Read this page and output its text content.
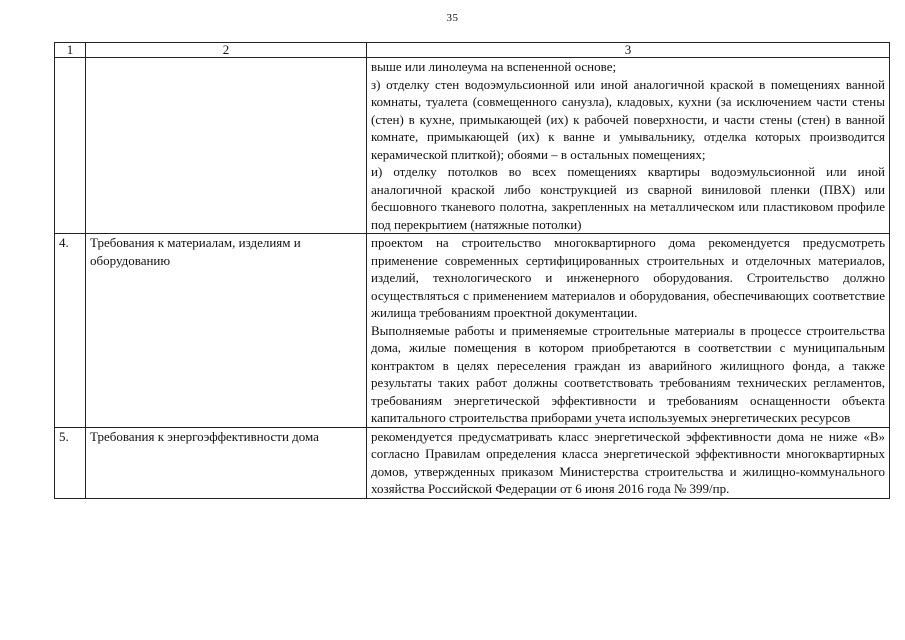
35
1	2	3

		выше или линолеума на вспененной основе;

з) отделку стен водоэмульсионной или иной аналогичной краской в помещениях ванной комнаты, туалета (совмещенного санузла), кладовых, кухни (за исключением части стены (стен) в кухне, примыкающей (их) к рабочей поверхности, и части стены (стен) в ванной комнате, примыкающей (их) к ванне и умывальнику, отделка которых производится керамической плиткой); обоями – в остальных помещениях;

и) отделку потолков во всех помещениях квартиры водоэмульсионной или иной аналогичной краской либо конструкцией из сварной виниловой пленки (ПВХ) или бесшовного тканевого полотна, закрепленных на металлическом или пластиковом профиле под перекрытием (натяжные потолки)

4.	Требования к материалам, изделиям и оборудованию	проектом на строительство многоквартирного дома рекомендуется предусмотреть применение современных сертифицированных строительных и отделочных материалов, изделий, технологического и инженерного оборудования. Строительство должно осуществляться с применением материалов и оборудования, обеспечивающих соответствие жилища требованиям проектной документации.

Выполняемые работы и применяемые строительные материалы в процессе строительства дома, жилые помещения в котором приобретаются в соответствии с муниципальным контрактом в целях переселения граждан из аварийного жилищного фонда, а также результаты таких работ должны соответствовать требованиям технических регламентов, требованиям энергетической эффективности и требованиям оснащенности объекта капитального строительства приборами учета используемых энергетических ресурсов

5.	Требования к энергоэффективности дома	рекомендуется предусматривать класс энергетической эффективности дома не ниже «В» согласно Правилам определения класса энергетической эффективности многоквартирных домов, утвержденных приказом Министерства строительства и жилищно-коммунального хозяйства Российской Федерации от 6 июня 2016 года № 399/пр.
